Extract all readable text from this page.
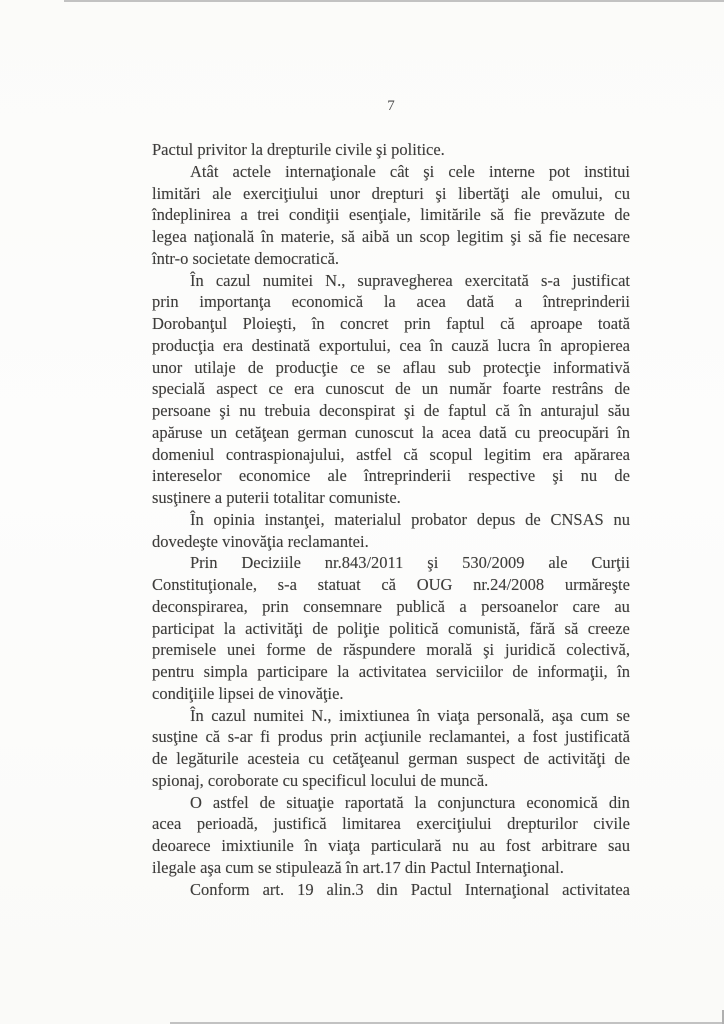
7
Pactul privitor la drepturile civile şi politice.
Atât actele internaţionale cât şi cele interne pot institui
limitări ale exerciţiului unor drepturi şi libertăţi ale omului, cu
îndeplinirea a trei condiţii esenţiale, limitările să fie prevăzute de
legea naţională în materie, să aibă un scop legitim şi să fie necesare
într-o societate democratică.
În cazul numitei N., supravegherea exercitată s-a justificat
prin importanţa economică la acea dată a întreprinderii
Dorobanţul Ploieşti, în concret prin faptul că aproape toată
producţia era destinată exportului, cea în cauză lucra în apropierea
unor utilaje de producţie ce se aflau sub protecţie informativă
specială aspect ce era cunoscut de un număr foarte restrâns de
persoane şi nu trebuia deconspirat şi de faptul că în anturajul său
apăruse un cetăţean german cunoscut la acea dată cu preocupări în
domeniul contraspionajului, astfel că scopul legitim era apărarea
intereselor economice ale întreprinderii respective şi nu de
susţinere a puterii totalitar comuniste.
În opinia instanţei, materialul probator depus de CNSAS nu
dovedeşte vinovăţia reclamantei.
Prin Deciziile nr.843/2011 şi 530/2009 ale Curţii
Constituţionale, s-a statuat că OUG nr.24/2008 urmăreşte
deconspirarea, prin consemnare publică a persoanelor care au
participat la activităţi de poliţie politică comunistă, fără să creeze
premisele unei forme de răspundere morală şi juridică colectivă,
pentru simpla participare la activitatea serviciilor de informaţii, în
condiţiile lipsei de vinovăţie.
În cazul numitei N., imixtiunea în viaţa personală, aşa cum se
susţine că s-ar fi produs prin acţiunile reclamantei, a fost justificată
de legăturile acesteia cu cetăţeanul german suspect de activităţi de
spionaj, coroborate cu specificul locului de muncă.
O astfel de situaţie raportată la conjunctura economică din
acea perioadă, justifică limitarea exerciţiului drepturilor civile
deoarece imixtiunile în viaţa particulară nu au fost arbitrare sau
ilegale aşa cum se stipulează în art.17 din Pactul Internaţional.
Conform art. 19 alin.3 din Pactul Internaţional activitatea
